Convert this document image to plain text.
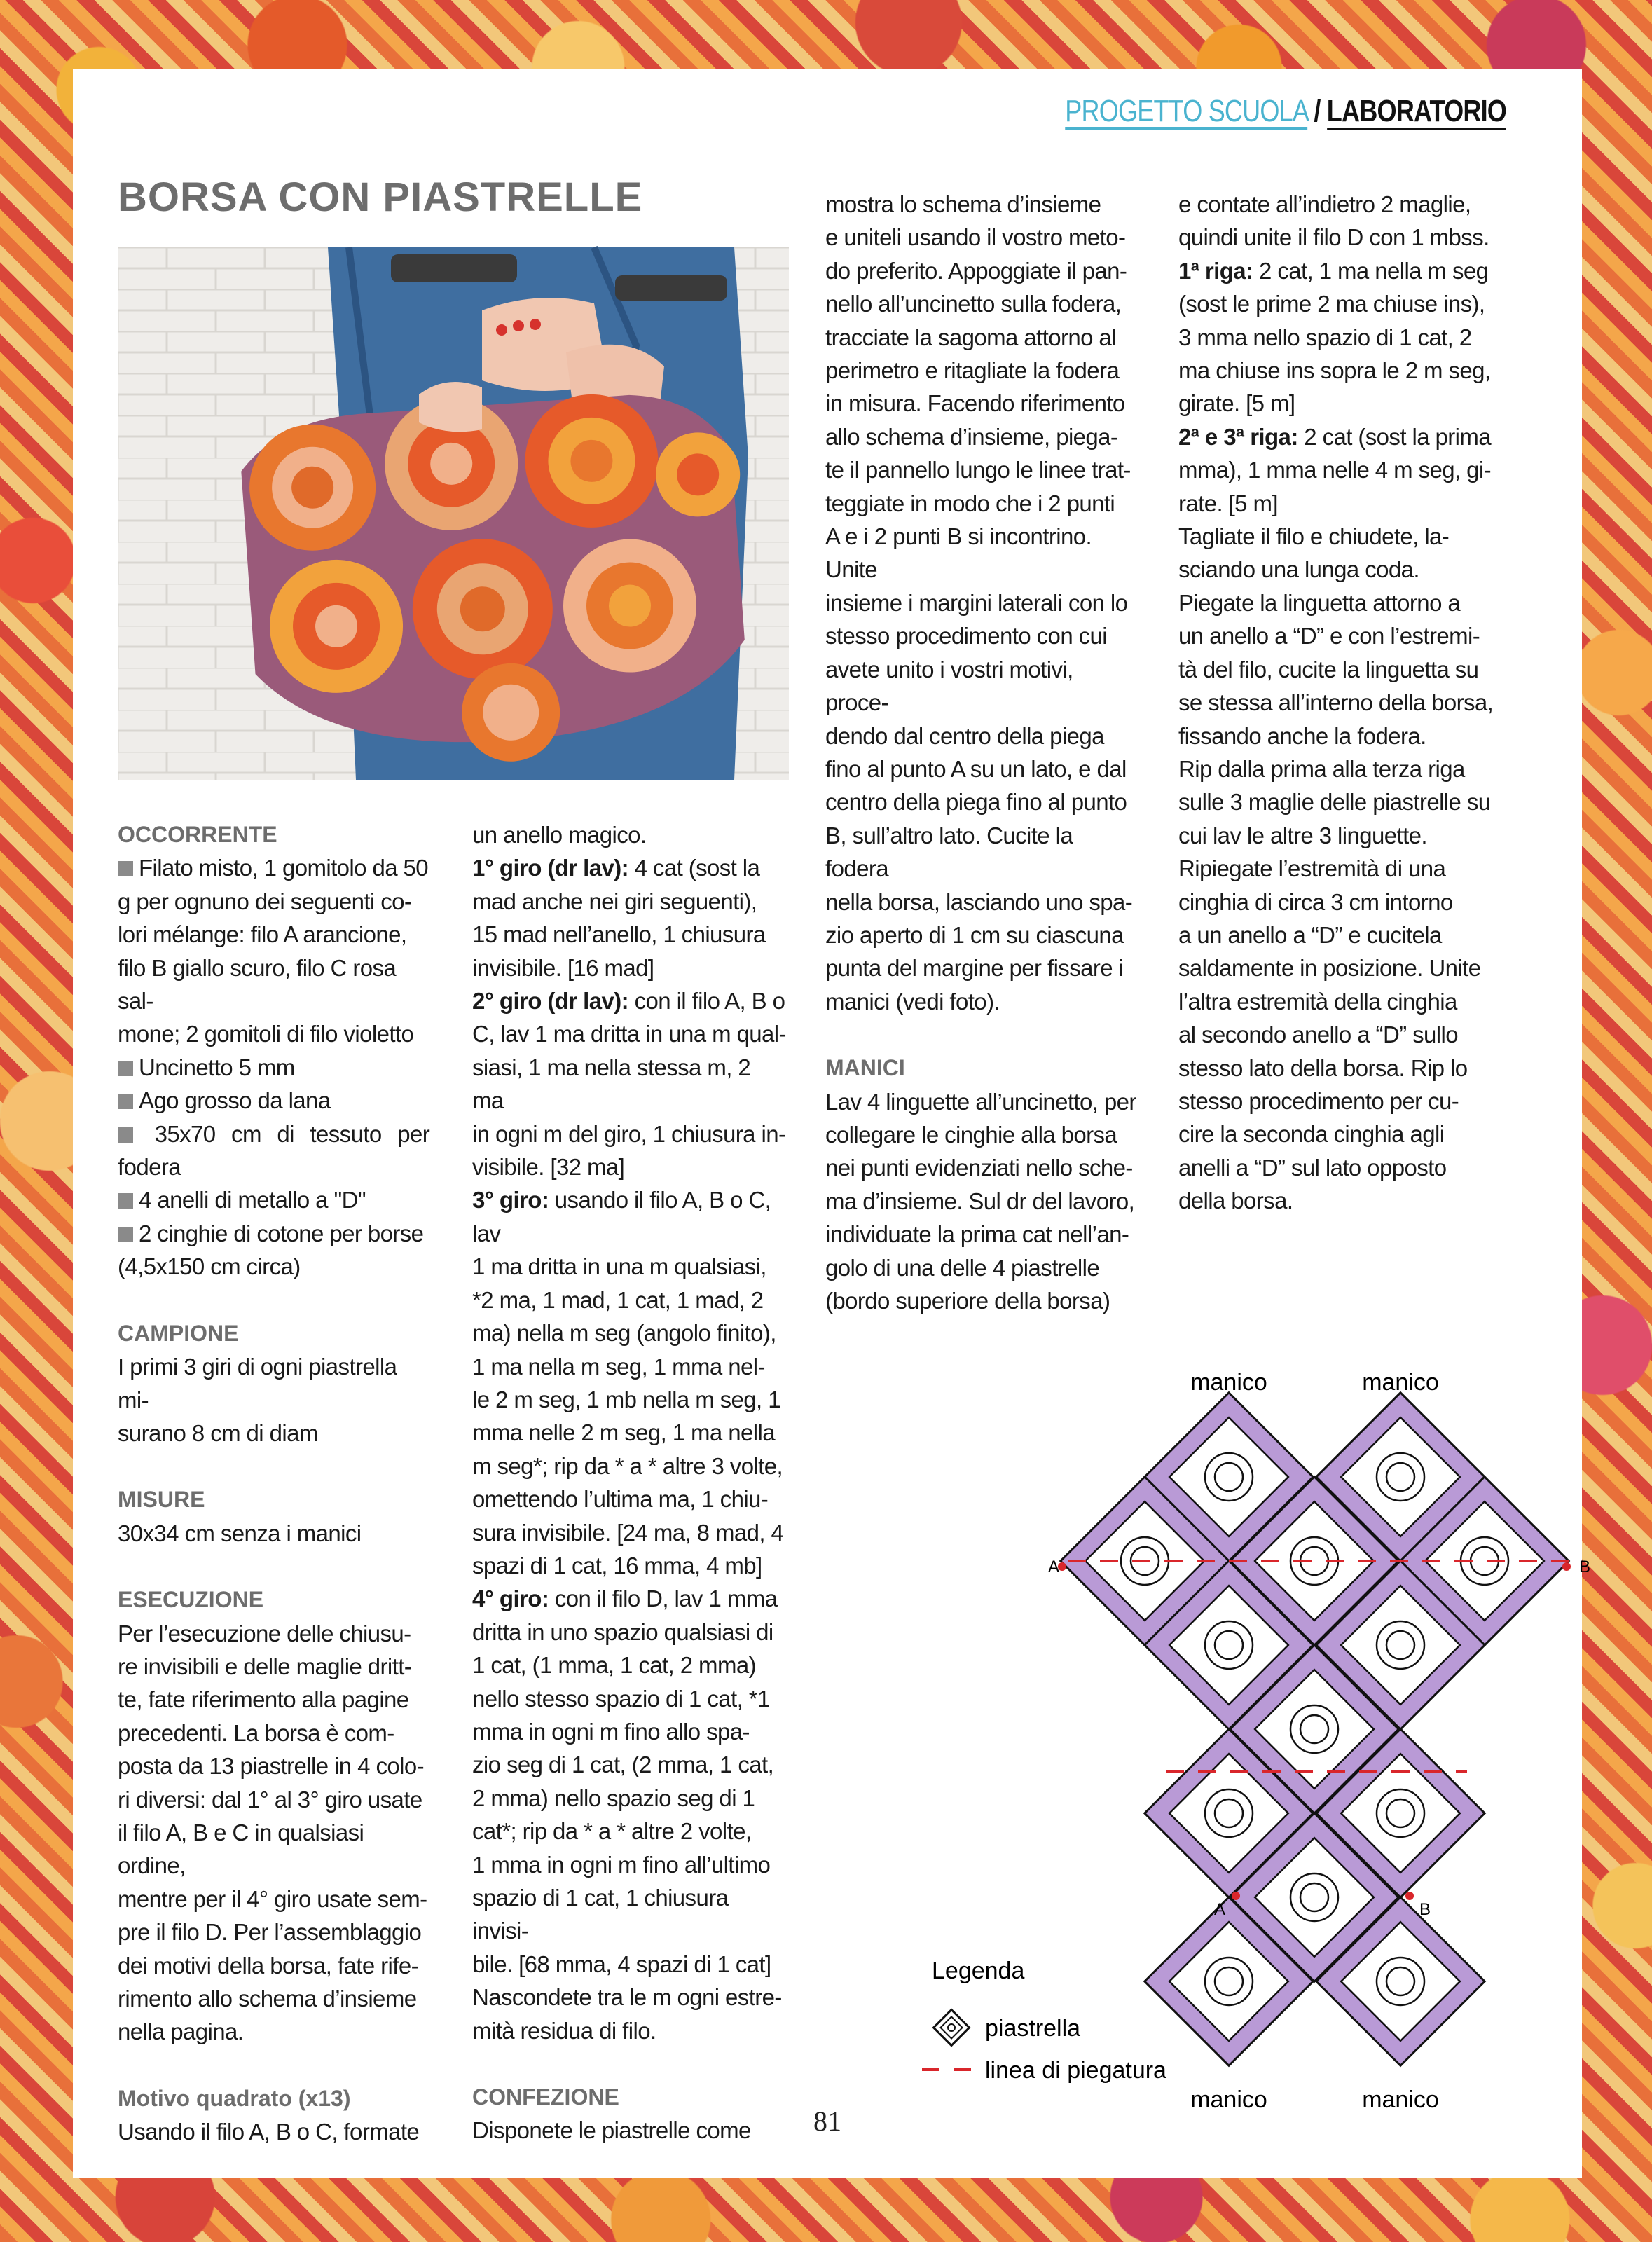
PROGETTO SCUOLA / LABORATORIO
BORSA CON PIASTRELLE

OCCORRENTE

Filato misto, 1 gomitolo da 50

g per ognuno dei seguenti co-

lori mélange: filo A arancione,

filo B giallo scuro, filo C rosa sal-

mone; 2 gomitoli di filo violetto

Uncinetto 5 mm

Ago grosso da lana

35x70 cm di tessuto per

fodera

4 anelli di metallo a "D"

2 cinghie di cotone per borse

(4,5x150 cm circa)

CAMPIONE

I primi 3 giri di ogni piastrella mi-

surano 8 cm di diam

MISURE

30x34 cm senza i manici

ESECUZIONE

Per l’esecuzione delle chiusu-

re invisibili e delle maglie dritt-

te, fate riferimento alla pagine

precedenti. La borsa è com-

posta da 13 piastrelle in 4 colo-

ri diversi: dal 1° al 3° giro usate

il filo A, B e C in qualsiasi ordine,

mentre per il 4° giro usate sem-

pre il filo D. Per l’assemblaggio

dei motivi della borsa, fate rife-

rimento allo schema d’insieme

nella pagina.

Motivo quadrato (x13)

Usando il filo A, B o C, formate

un anello magico.

1° giro (dr lav): 4 cat (sost la

mad anche nei giri seguenti),

15 mad nell’anello, 1 chiusura

invisibile. [16 mad]

2° giro (dr lav): con il filo A, B o

C, lav 1 ma dritta in una m qual-

siasi, 1 ma nella stessa m, 2 ma

in ogni m del giro, 1 chiusura in-

visibile. [32 ma]

3° giro: usando il filo A, B o C, lav

1 ma dritta in una m qualsiasi,

*2 ma, 1 mad, 1 cat, 1 mad, 2

ma) nella m seg (angolo finito),

1 ma nella m seg, 1 mma nel-

le 2 m seg, 1 mb nella m seg, 1

mma nelle 2 m seg, 1 ma nella

m seg*; rip da * a * altre 3 volte,

omettendo l’ultima ma, 1 chiu-

sura invisibile. [24 ma, 8 mad, 4

spazi di 1 cat, 16 mma, 4 mb]

4° giro: con il filo D, lav 1 mma

dritta in uno spazio qualsiasi di

1 cat, (1 mma, 1 cat, 2 mma)

nello stesso spazio di 1 cat, *1

mma in ogni m fino allo spa-

zio seg di 1 cat, (2 mma, 1 cat,

2 mma) nello spazio seg di 1

cat*; rip da * a * altre 2 volte,

1 mma in ogni m fino all’ultimo

spazio di 1 cat, 1 chiusura invisi-

bile. [68 mma, 4 spazi di 1 cat]

Nascondete tra le m ogni estre-

mità residua di filo.

CONFEZIONE

Disponete le piastrelle come

mostra lo schema d’insieme

e uniteli usando il vostro meto-

do preferito. Appoggiate il pan-

nello all’uncinetto sulla fodera,

tracciate la sagoma attorno al

perimetro e ritagliate la fodera

in misura. Facendo riferimento

allo schema d’insieme, piega-

te il pannello lungo le linee trat-

teggiate in modo che i 2 punti

A e i 2 punti B si incontrino. Unite

insieme i margini laterali con lo

stesso procedimento con cui

avete unito i vostri motivi, proce-

dendo dal centro della piega

fino al punto A su un lato, e dal

centro della piega fino al punto

B, sull’altro lato. Cucite la fodera

nella borsa, lasciando uno spa-

zio aperto di 1 cm su ciascuna

punta del margine per fissare i

manici (vedi foto).

MANICI

Lav 4 linguette all’uncinetto, per

collegare le cinghie alla borsa

nei punti evidenziati nello sche-

ma d’insieme. Sul dr del lavoro,

individuate la prima cat nell’an-

golo di una delle 4 piastrelle

(bordo superiore della borsa)

e contate all’indietro 2 maglie,

quindi unite il filo D con 1 mbss.

1ª riga: 2 cat, 1 ma nella m seg

(sost le prime 2 ma chiuse ins),

3 mma nello spazio di 1 cat, 2

ma chiuse ins sopra le 2 m seg,

girate. [5 m]

2ª e 3ª riga: 2 cat (sost la prima

mma), 1 mma nelle 4 m seg, gi-

rate. [5 m]

Tagliate il filo e chiudete, la-

sciando una lunga coda.

Piegate la linguetta attorno a

un anello a “D” e con l’estremi-

tà del filo, cucite la linguetta su

se stessa all’interno della borsa,

fissando anche la fodera.

Rip dalla prima alla terza riga

sulle 3 maglie delle piastrelle su

cui lav le altre 3 linguette.

Ripiegate l’estremità di una

cinghia di circa 3 cm intorno

a un anello a “D” e cucitela

saldamente in posizione. Unite

l’altra estremità della cinghia

al secondo anello a “D” sullo

stesso lato della borsa. Rip lo

stesso procedimento per cu-

cire la seconda cinghia agli

anelli a “D” sul lato opposto

della borsa.

manico	manico
manico	manico
A	B
A	B
Legenda
piastrella
linea di piegatura
81
